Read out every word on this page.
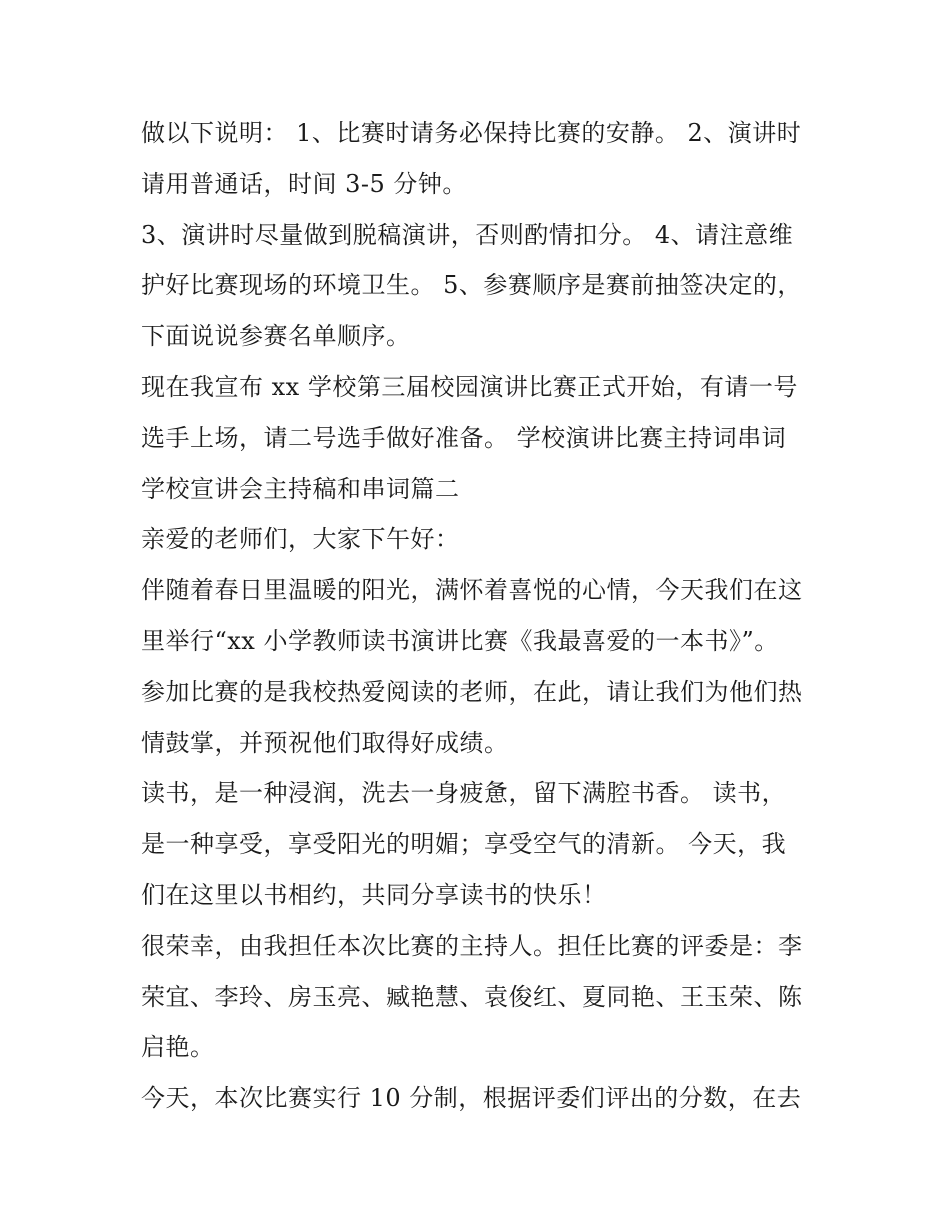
做以下说明： 1、比赛时请务必保持比赛的安静。 2、演讲时
请用普通话，时间 3-5 分钟。
3、演讲时尽量做到脱稿演讲，否则酌情扣分。 4、请注意维
护好比赛现场的环境卫生。 5、参赛顺序是赛前抽签决定的，
下面说说参赛名单顺序。
现在我宣布 xx 学校第三届校园演讲比赛正式开始，有请一号
选手上场，请二号选手做好准备。 学校演讲比赛主持词串词
学校宣讲会主持稿和串词篇二
亲爱的老师们，大家下午好：
伴随着春日里温暖的阳光，满怀着喜悦的心情，今天我们在这
里举行“xx 小学教师读书演讲比赛《我最喜爱的一本书》”。
参加比赛的是我校热爱阅读的老师，在此，请让我们为他们热
情鼓掌，并预祝他们取得好成绩。
读书，是一种浸润，洗去一身疲惫，留下满腔书香。 读书，
是一种享受，享受阳光的明媚；享受空气的清新。 今天，我
们在这里以书相约，共同分享读书的快乐！
很荣幸，由我担任本次比赛的主持人。担任比赛的评委是：李
荣宜、李玲、房玉亮、臧艳慧、袁俊红、夏同艳、王玉荣、陈
启艳。
今天，本次比赛实行 10 分制，根据评委们评出的分数，在去
